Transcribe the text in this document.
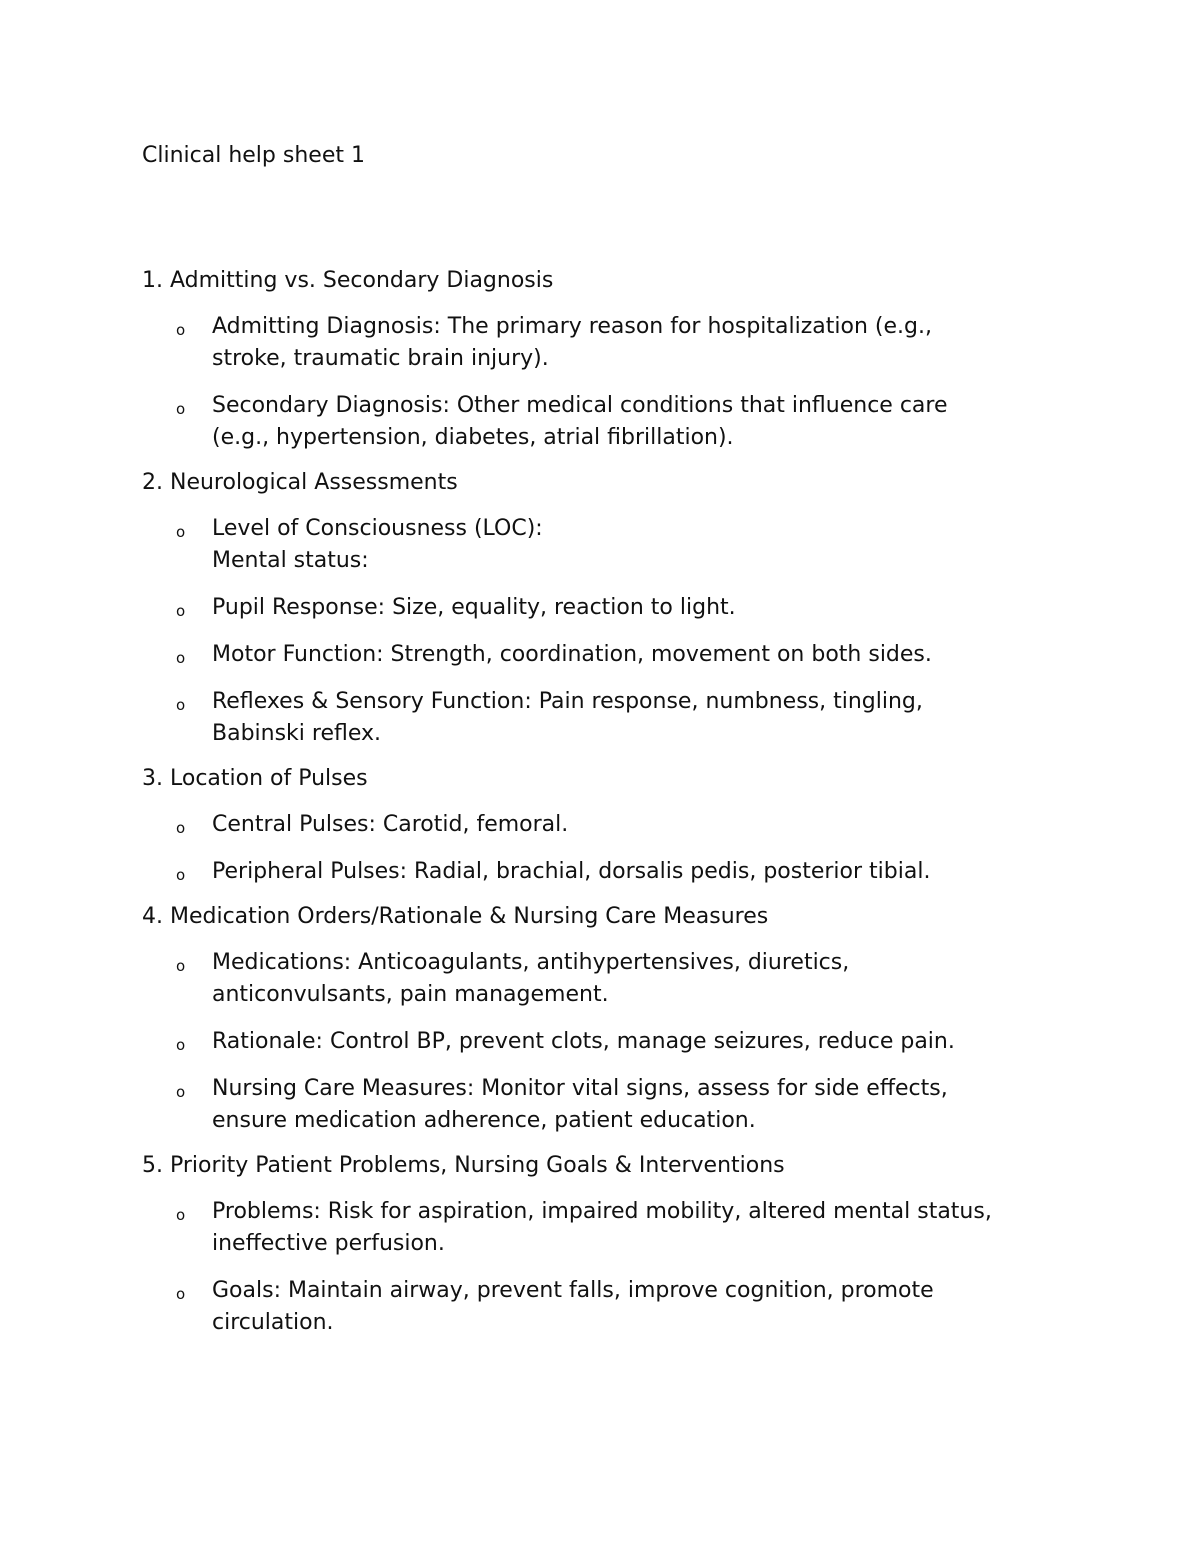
Clinical help sheet 1
1. Admitting vs. Secondary Diagnosis
o Admitting Diagnosis: The primary reason for hospitalization (e.g.,
stroke, traumatic brain injury).
o Secondary Diagnosis: Other medical conditions that influence care
(e.g., hypertension, diabetes, atrial fibrillation).
2. Neurological Assessments
o Level of Consciousness (LOC):
Mental status:
o Pupil Response: Size, equality, reaction to light.
o Motor Function: Strength, coordination, movement on both sides.
o Reflexes & Sensory Function: Pain response, numbness, tingling,
Babinski reflex.
3. Location of Pulses
o Central Pulses: Carotid, femoral.
o Peripheral Pulses: Radial, brachial, dorsalis pedis, posterior tibial.
4. Medication Orders/Rationale & Nursing Care Measures
o Medications: Anticoagulants, antihypertensives, diuretics,
anticonvulsants, pain management.
o Rationale: Control BP, prevent clots, manage seizures, reduce pain.
o Nursing Care Measures: Monitor vital signs, assess for side effects,
ensure medication adherence, patient education.
5. Priority Patient Problems, Nursing Goals & Interventions
o Problems: Risk for aspiration, impaired mobility, altered mental status,
ineffective perfusion.
o Goals: Maintain airway, prevent falls, improve cognition, promote
circulation.
